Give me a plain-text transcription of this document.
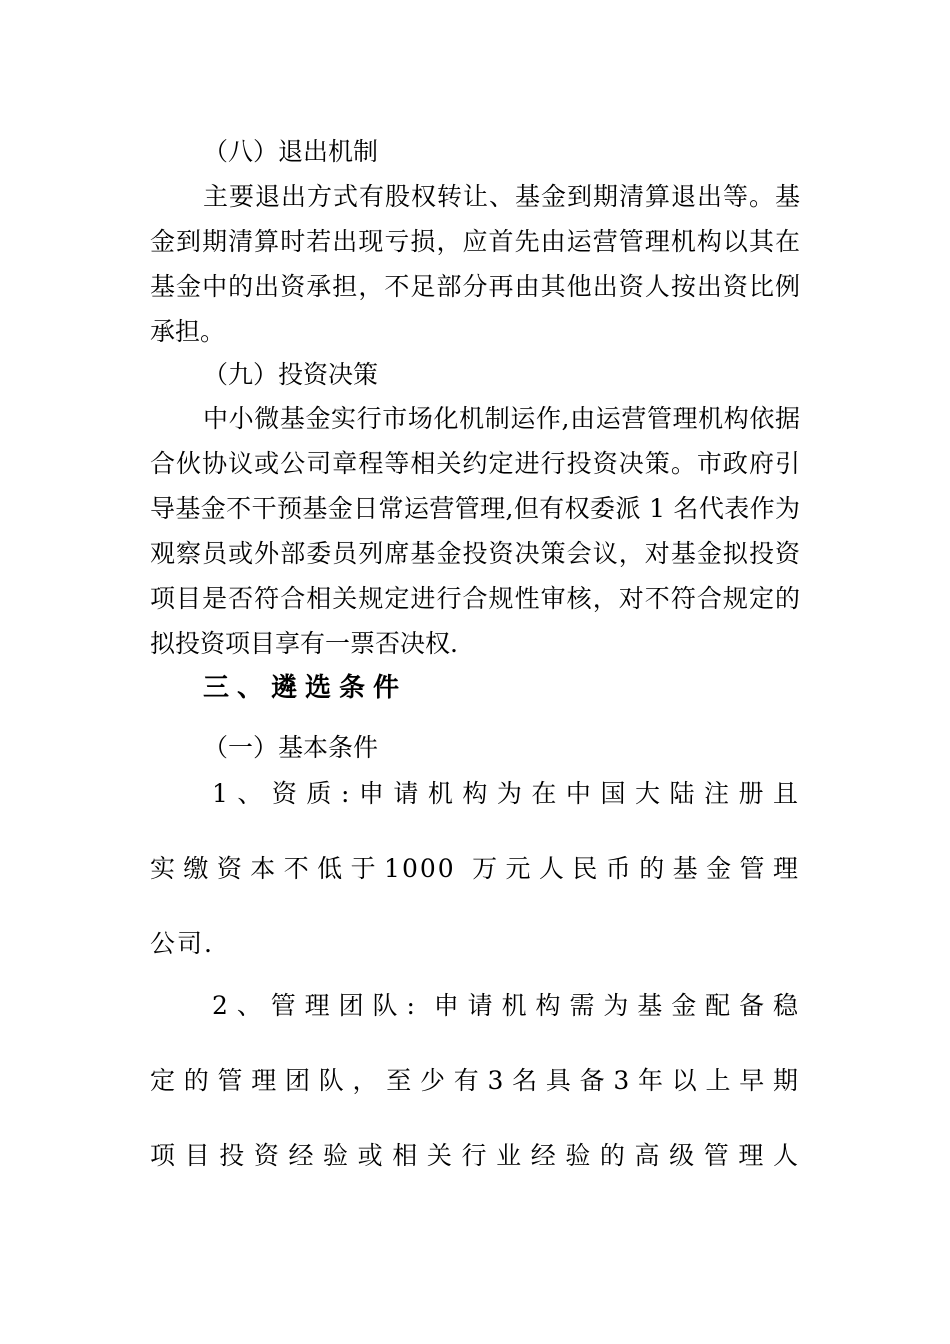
（八）退出机制
主要退出方式有股权转让、基金到期清算退出等。基
金到期清算时若出现亏损，应首先由运营管理机构以其在
基金中的出资承担，不足部分再由其他出资人按出资比例
承担。
（九）投资决策
中小微基金实行市场化机制运作,由运营管理机构依据
合伙协议或公司章程等相关约定进行投资决策。市政府引
导基金不干预基金日常运营管理,但有权委派 1 名代表作为
观察员或外部委员列席基金投资决策会议，对基金拟投资
项目是否符合相关规定进行合规性审核，对不符合规定的
拟投资项目享有一票否决权.
三、遴选条件
（一）基本条件
1、资质:申请机构为在中国大陆注册且
实缴资本不低于1000 万元人民币的基金管理
公司.
2、管理团队: 申请机构需为基金配备稳
定的管理团队，至少有3名具备3年以上早期
项目投资经验或相关行业经验的高级管理人
